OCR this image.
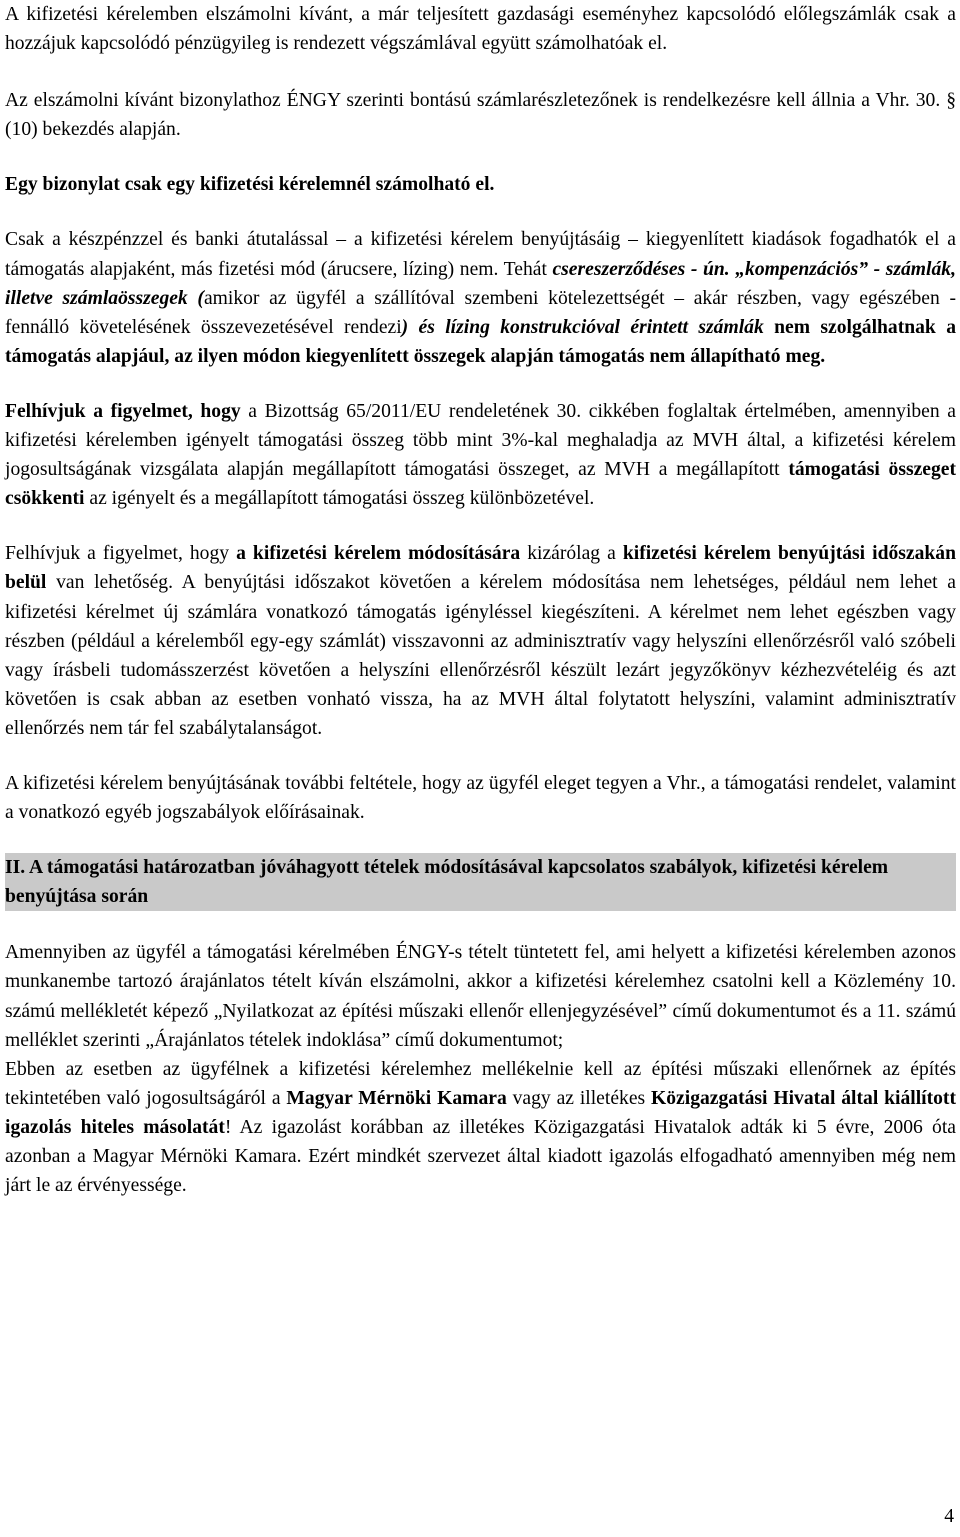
A kifizetési kérelemben elszámolni kívánt, a már teljesített gazdasági eseményhez kapcsolódó előlegszámlák csak a hozzájuk kapcsolódó pénzügyileg is rendezett végszámlával együtt számolhatóak el.

Az elszámolni kívánt bizonylathoz ÉNGY szerinti bontású számlarészletezőnek is rendelkezésre kell állnia a Vhr. 30. § (10) bekezdés alapján.

Egy bizonylat csak egy kifizetési kérelemnél számolható el.

Csak a készpénzzel és banki átutalással – a kifizetési kérelem benyújtásáig – kiegyenlített kiadások fogadhatók el a támogatás alapjaként, más fizetési mód (árucsere, lízing) nem. Tehát csereszerződéses - ún. „kompenzációs” - számlák, illetve számlaösszegek (amikor az ügyfél a szállítóval szembeni kötelezettségét – akár részben, vagy egészében - fennálló követelésének összevezetésével rendezi) és lízing konstrukcióval érintett számlák nem szolgálhatnak a támogatás alapjául, az ilyen módon kiegyenlített összegek alapján támogatás nem állapítható meg.

Felhívjuk a figyelmet, hogy a Bizottság 65/2011/EU rendeletének 30. cikkében foglaltak értelmében, amennyiben a kifizetési kérelemben igényelt támogatási összeg több mint 3%-kal meghaladja az MVH által, a kifizetési kérelem jogosultságának vizsgálata alapján megállapított támogatási összeget, az MVH a megállapított támogatási összeget csökkenti az igényelt és a megállapított támogatási összeg különbözetével.

Felhívjuk a figyelmet, hogy a kifizetési kérelem módosítására kizárólag a kifizetési kérelem benyújtási időszakán belül van lehetőség. A benyújtási időszakot követően a kérelem módosítása nem lehetséges, például nem lehet a kifizetési kérelmet új számlára vonatkozó támogatás igényléssel kiegészíteni. A kérelmet nem lehet egészben vagy részben (például a kérelemből egy-egy számlát) visszavonni az adminisztratív vagy helyszíni ellenőrzésről való szóbeli vagy írásbeli tudomásszerzést követően a helyszíni ellenőrzésről készült lezárt jegyzőkönyv kézhezvételéig és azt követően is csak abban az esetben vonható vissza, ha az MVH által folytatott helyszíni, valamint adminisztratív ellenőrzés nem tár fel szabálytalanságot.

A kifizetési kérelem benyújtásának további feltétele, hogy az ügyfél eleget tegyen a Vhr., a támogatási rendelet, valamint a vonatkozó egyéb jogszabályok előírásainak.

II. A támogatási határozatban jóváhagyott tételek módosításával kapcsolatos szabályok, kifizetési kérelem benyújtása során

Amennyiben az ügyfél a támogatási kérelmében ÉNGY-s tételt tüntetett fel, ami helyett a kifizetési kérelemben azonos munkanembe tartozó árajánlatos tételt kíván elszámolni, akkor a kifizetési kérelemhez csatolni kell a Közlemény 10. számú mellékletét képező „Nyilatkozat az építési műszaki ellenőr ellenjegyzésével” című dokumentumot és a 11. számú melléklet szerinti „Árajánlatos tételek indoklása” című dokumentumot;

Ebben az esetben az ügyfélnek a kifizetési kérelemhez mellékelnie kell az építési műszaki ellenőrnek az építés tekintetében való jogosultságáról a Magyar Mérnöki Kamara vagy az illetékes Közigazgatási Hivatal által kiállított igazolás hiteles másolatát! Az igazolást korábban az illetékes Közigazgatási Hivatalok adták ki 5 évre, 2006 óta azonban a Magyar Mérnöki Kamara. Ezért mindkét szervezet által kiadott igazolás elfogadható amennyiben még nem járt le az érvényessége.

4
